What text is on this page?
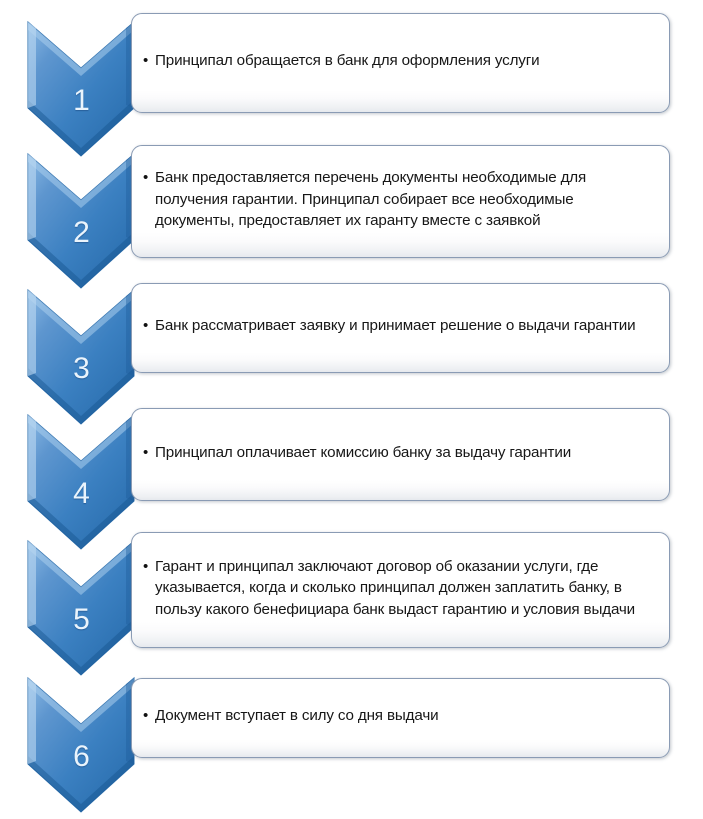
1
• Принципал обращается в банк для оформления услуги
2
• Банк предоставляется перечень документы необходимые для получения гарантии. Принципал собирает все необходимые документы, предоставляет их гаранту вместе с заявкой
3
• Банк рассматривает заявку и принимает решение о выдачи гарантии
4
• Принципал оплачивает комиссию банку за выдачу гарантии
5
• Гарант и принципал заключают договор об оказании услуги, где указывается, когда и сколько принципал должен заплатить банку, в пользу какого бенефициара банк выдаст гарантию и условия выдачи
6
• Документ вступает в силу со дня выдачи
